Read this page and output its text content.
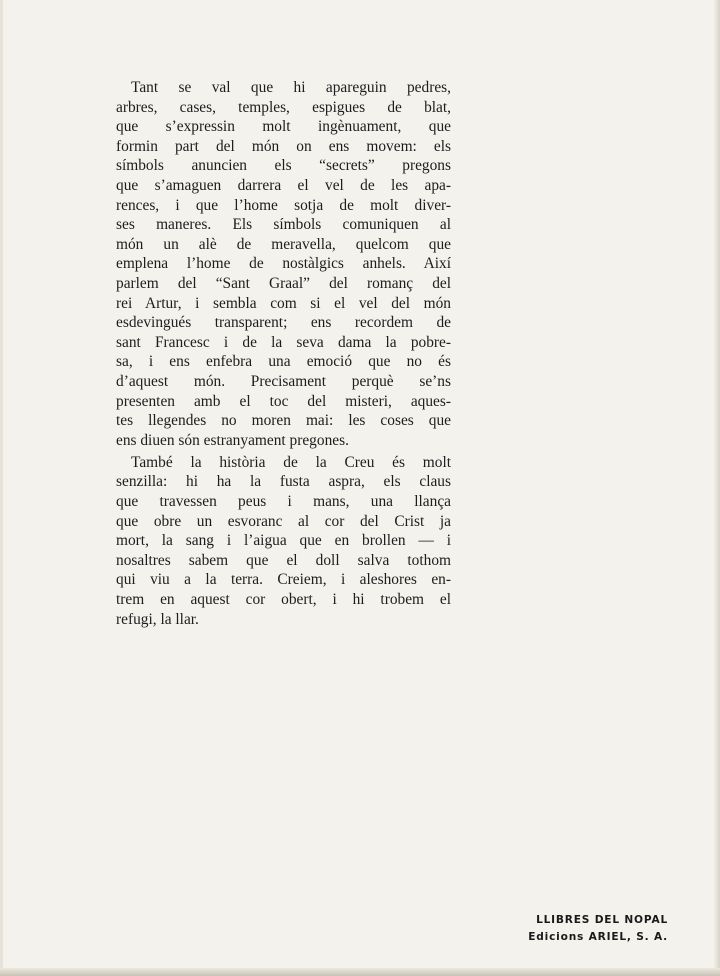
Tant se val que hi apareguin pedres,
arbres, cases, temples, espigues de blat,
que s’expressin molt ingènuament, que
formin part del món on ens movem: els
símbols anuncien els “secrets” pregons
que s’amaguen darrera el vel de les apa-
rences, i que l’home sotja de molt diver-
ses maneres. Els símbols comuniquen al
món un alè de meravella, quelcom que
emplena l’home de nostàlgics anhels. Així
parlem del “Sant Graal” del romanç del
rei Artur, i sembla com si el vel del món
esdevingués transparent; ens recordem de
sant Francesc i de la seva dama la pobre-
sa, i ens enfebra una emoció que no és
d’aquest món. Precisament perquè se’ns
presenten amb el toc del misteri, aques-
tes llegendes no moren mai: les coses que
ens diuen són estranyament pregones.

També la història de la Creu és molt
senzilla: hi ha la fusta aspra, els claus
que travessen peus i mans, una llança
que obre un esvoranc al cor del Crist ja
mort, la sang i l’aigua que en brollen — i
nosaltres sabem que el doll salva tothom
qui viu a la terra. Creiem, i aleshores en-
trem en aquest cor obert, i hi trobem el
refugi, la llar.

LLIBRES DEL NOPAL
Edicions ARIEL, S. A.
